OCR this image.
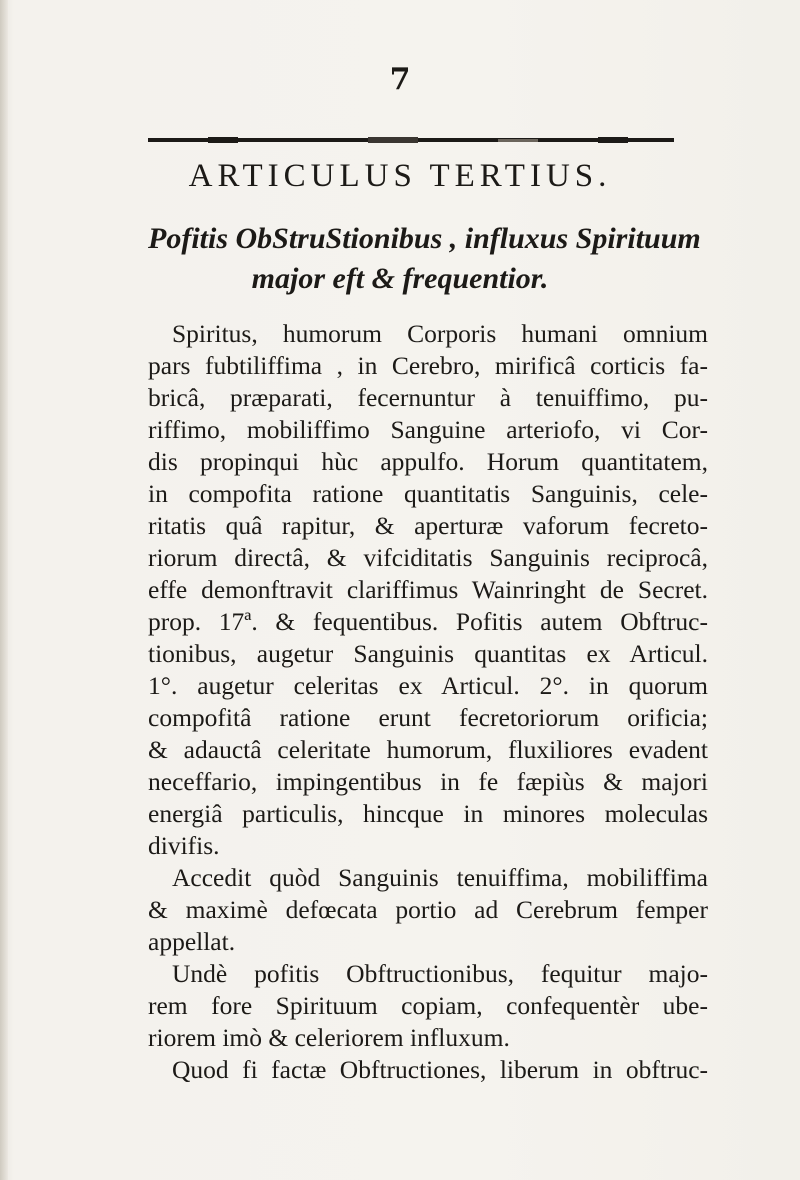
7
ARTICULUS TERTIUS.
Pofitis ObStruStionibus , influxus Spirituum
major eft & frequentior.
Spiritus, humorum Corporis humani omnium
pars fubtiliffima , in Cerebro, mirificâ corticis fa-
bricâ, præparati, fecernuntur à tenuiffimo, pu-
riffimo, mobiliffimo Sanguine arteriofo, vi Cor-
dis propinqui hùc appulfo. Horum quantitatem,
in compofita ratione quantitatis Sanguinis, cele-
ritatis quâ rapitur, & aperturæ vaforum fecreto-
riorum directâ, & vifciditatis Sanguinis reciprocâ,
effe demonftravit clariffimus Wainringht de Secret.
prop. 17ª. & fequentibus. Pofitis autem Obftruc-
tionibus, augetur Sanguinis quantitas ex Articul.
1°. augetur celeritas ex Articul. 2°. in quorum
compofitâ ratione erunt fecretoriorum orificia;
& adauctâ celeritate humorum, fluxiliores evadent
neceffario, impingentibus in fe fæpiùs & majori
energiâ particulis, hincque in minores moleculas
divifis.
Accedit quòd Sanguinis tenuiffima, mobiliffima
& maximè defœcata portio ad Cerebrum femper
appellat.
Undè pofitis Obftructionibus, fequitur majo-
rem fore Spirituum copiam, confequentèr ube-
riorem imò & celeriorem influxum.
Quod fi factæ Obftructiones, liberum in obftruc-
